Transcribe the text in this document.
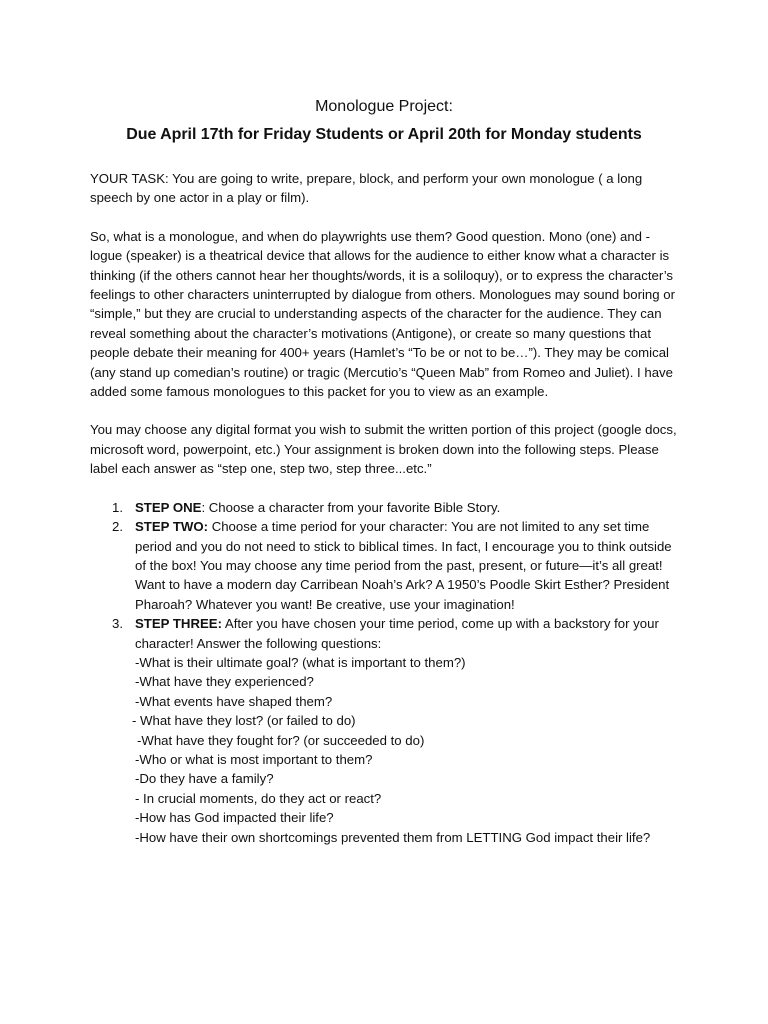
Monologue Project:
Due April 17th for Friday Students or April 20th for Monday students

YOUR TASK: You are going to write, prepare, block, and perform your own monologue ( a long speech by one actor in a play or film).

So, what is a monologue, and when do playwrights use them? Good question. Mono (one) and -logue (speaker) is a theatrical device that allows for the audience to either know what a character is thinking (if the others cannot hear her thoughts/words, it is a soliloquy), or to express the character’s feelings to other characters uninterrupted by dialogue from others. Monologues may sound boring or “simple,” but they are crucial to understanding aspects of the character for the audience. They can reveal something about the character’s motivations (Antigone), or create so many questions that people debate their meaning for 400+ years (Hamlet’s “To be or not to be…”). They may be comical (any stand up comedian’s routine) or tragic (Mercutio’s “Queen Mab” from Romeo and Juliet). I have added some famous monologues to this packet for you to view as an example.

You may choose any digital format you wish to submit the written portion of this project (google docs, microsoft word, powerpoint, etc.) Your assignment is broken down into the following steps. Please label each answer as “step one, step two, step three...etc.”

1. STEP ONE: Choose a character from your favorite Bible Story.
2. STEP TWO: Choose a time period for your character: You are not limited to any set time period and you do not need to stick to biblical times. In fact, I encourage you to think outside of the box! You may choose any time period from the past, present, or future—it’s all great! Want to have a modern day Carribean Noah’s Ark? A 1950’s Poodle Skirt Esther? President Pharoah? Whatever you want! Be creative, use your imagination!
3. STEP THREE: After you have chosen your time period, come up with a backstory for your character! Answer the following questions:
-What is their ultimate goal? (what is important to them?)
-What have they experienced?
-What events have shaped them?
- What have they lost? (or failed to do)
-What have they fought for? (or succeeded to do)
-Who or what is most important to them?
-Do they have a family?
- In crucial moments, do they act or react?
-How has God impacted their life?
-How have their own shortcomings prevented them from LETTING God impact their life?
